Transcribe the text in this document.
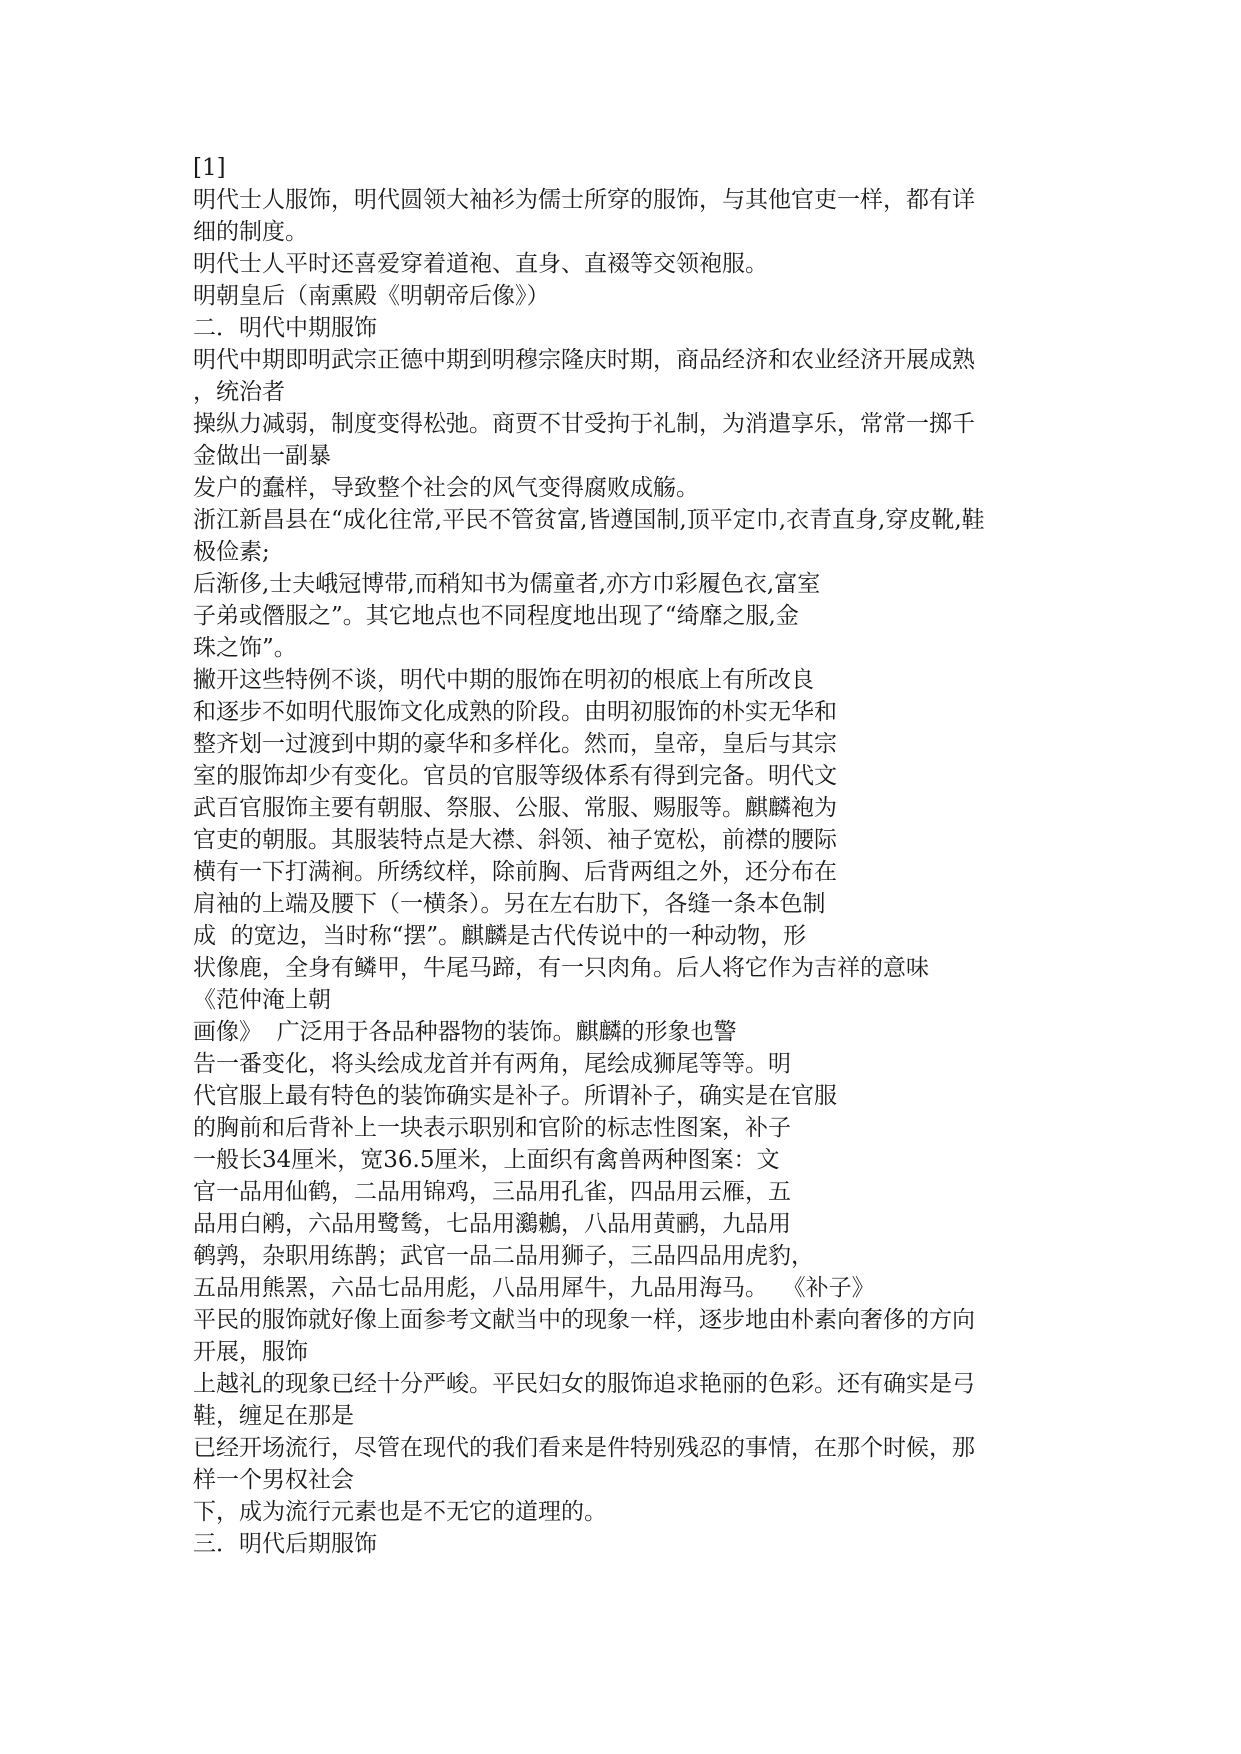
[1]
明代士人服饰，明代圆领大袖衫为儒士所穿的服饰，与其他官吏一样，都有详
细的制度。
明代士人平时还喜爱穿着道袍、直身、直裰等交领袍服。
明朝皇后（南熏殿《明朝帝后像》）
二．明代中期服饰
明代中期即明武宗正德中期到明穆宗隆庆时期，商品经济和农业经济开展成熟
，统治者
操纵力减弱，制度变得松弛。商贾不甘受拘于礼制，为消遣享乐，常常一掷千
金做出一副暴
发户的蠢样，导致整个社会的风气变得腐败成觞。
浙江新昌县在“成化往常,平民不管贫富,皆遵国制,顶平定巾,衣青直身,穿皮靴,鞋
极俭素;
后渐侈,士夫峨冠博带,而稍知书为儒童者,亦方巾彩履色衣,富室
子弟或僭服之”。其它地点也不同程度地出现了“绮靡之服,金
珠之饰”。
撇开这些特例不谈，明代中期的服饰在明初的根底上有所改良
和逐步不如明代服饰文化成熟的阶段。由明初服饰的朴实无华和
整齐划一过渡到中期的豪华和多样化。然而，皇帝，皇后与其宗
室的服饰却少有变化。官员的官服等级体系有得到完备。明代文
武百官服饰主要有朝服、祭服、公服、常服、赐服等。麒麟袍为
官吏的朝服。其服装特点是大襟、斜领、袖子宽松，前襟的腰际
横有一下打满裥。所绣纹样，除前胸、后背两组之外，还分布在
肩袖的上端及腰下（一横条）。另在左右肋下，各缝一条本色制
成  的宽边，当时称“摆”。麒麟是古代传说中的一种动物，形
状像鹿，全身有鳞甲，牛尾马蹄，有一只肉角。后人将它作为吉祥的意味
《范仲淹上朝
画像》  广泛用于各品种器物的装饰。麒麟的形象也警
告一番变化，将头绘成龙首并有两角，尾绘成狮尾等等。明
代官服上最有特色的装饰确实是补子。所谓补子，确实是在官服
的胸前和后背补上一块表示职别和官阶的标志性图案，补子
一般长34厘米，宽36.5厘米，上面织有禽兽两种图案：文
官一品用仙鹤，二品用锦鸡，三品用孔雀，四品用云雁，五
品用白鹇，六品用鹭鸶，七品用鸂鶒，八品用黄鹂，九品用
鹌鹑，杂职用练鹊；武官一品二品用狮子，三品四品用虎豹，
五品用熊罴，六品七品用彪，八品用犀牛，九品用海马。  《补子》
平民的服饰就好像上面参考文献当中的现象一样，逐步地由朴素向奢侈的方向
开展，服饰
上越礼的现象已经十分严峻。平民妇女的服饰追求艳丽的色彩。还有确实是弓
鞋，缠足在那是
已经开场流行，尽管在现代的我们看来是件特别残忍的事情，在那个时候，那
样一个男权社会
下，成为流行元素也是不无它的道理的。
三．明代后期服饰
